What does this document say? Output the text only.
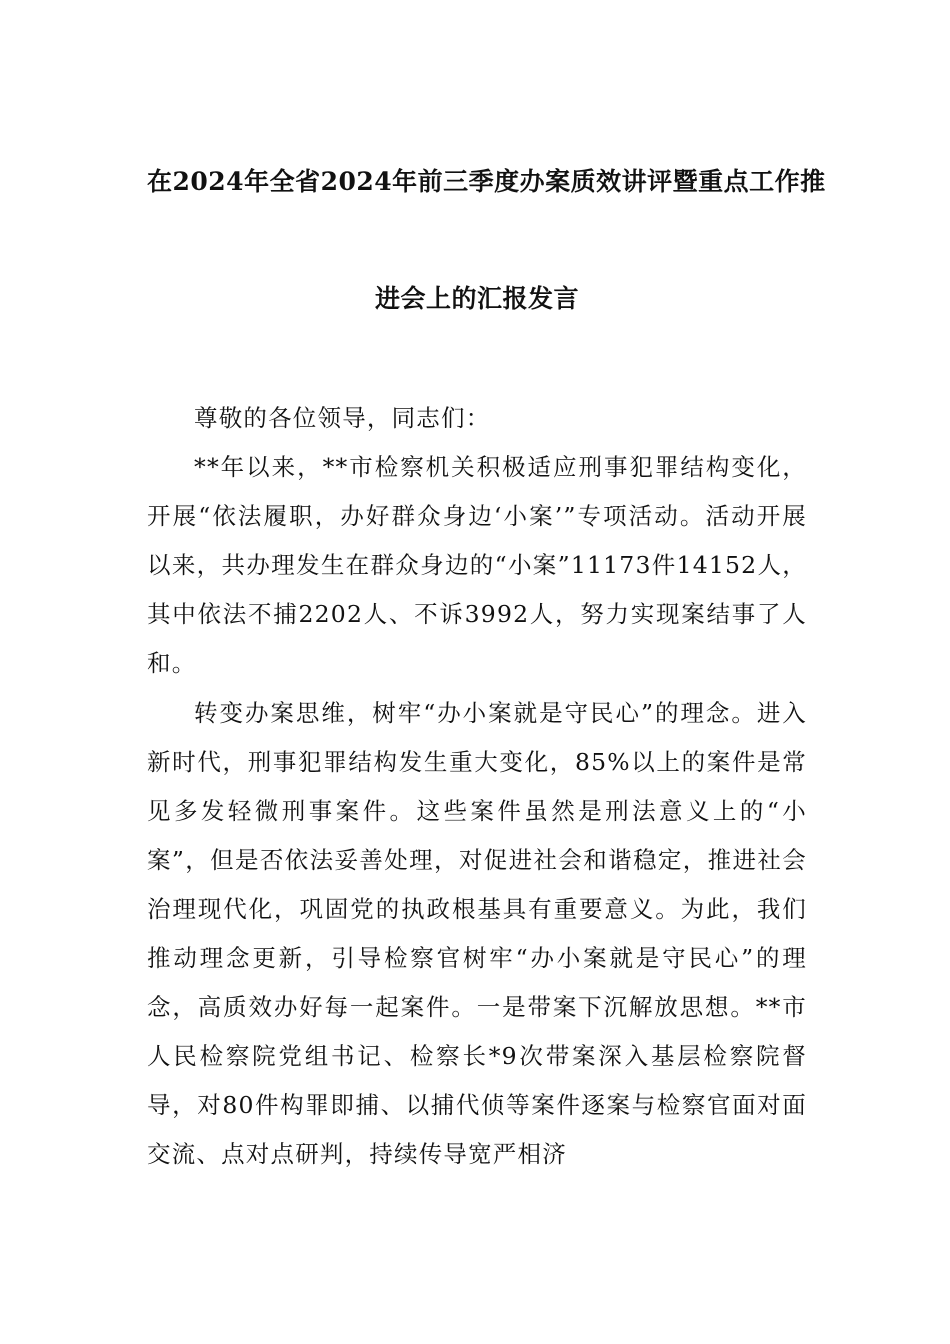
在2024年全省2024年前三季度办案质效讲评暨重点工作推
进会上的汇报发言

尊敬的各位领导，同志们：

**年以来，**市检察机关积极适应刑事犯罪结构变化，开展“依法履职，办好群众身边‘小案’”专项活动。活动开展以来，共办理发生在群众身边的“小案”11173件14152人，其中依法不捕2202人、不诉3992人，努力实现案结事了人和。

转变办案思维，树牢“办小案就是守民心”的理念。进入新时代，刑事犯罪结构发生重大变化，85%以上的案件是常见多发轻微刑事案件。这些案件虽然是刑法意义上的“小案”，但是否依法妥善处理，对促进社会和谐稳定，推进社会治理现代化，巩固党的执政根基具有重要意义。为此，我们推动理念更新，引导检察官树牢“办小案就是守民心”的理念，高质效办好每一起案件。一是带案下沉解放思想。**市人民检察院党组书记、检察长*9次带案深入基层检察院督导，对80件构罪即捕、以捕代侦等案件逐案与检察官面对面交流、点对点研判，持续传导宽严相济
